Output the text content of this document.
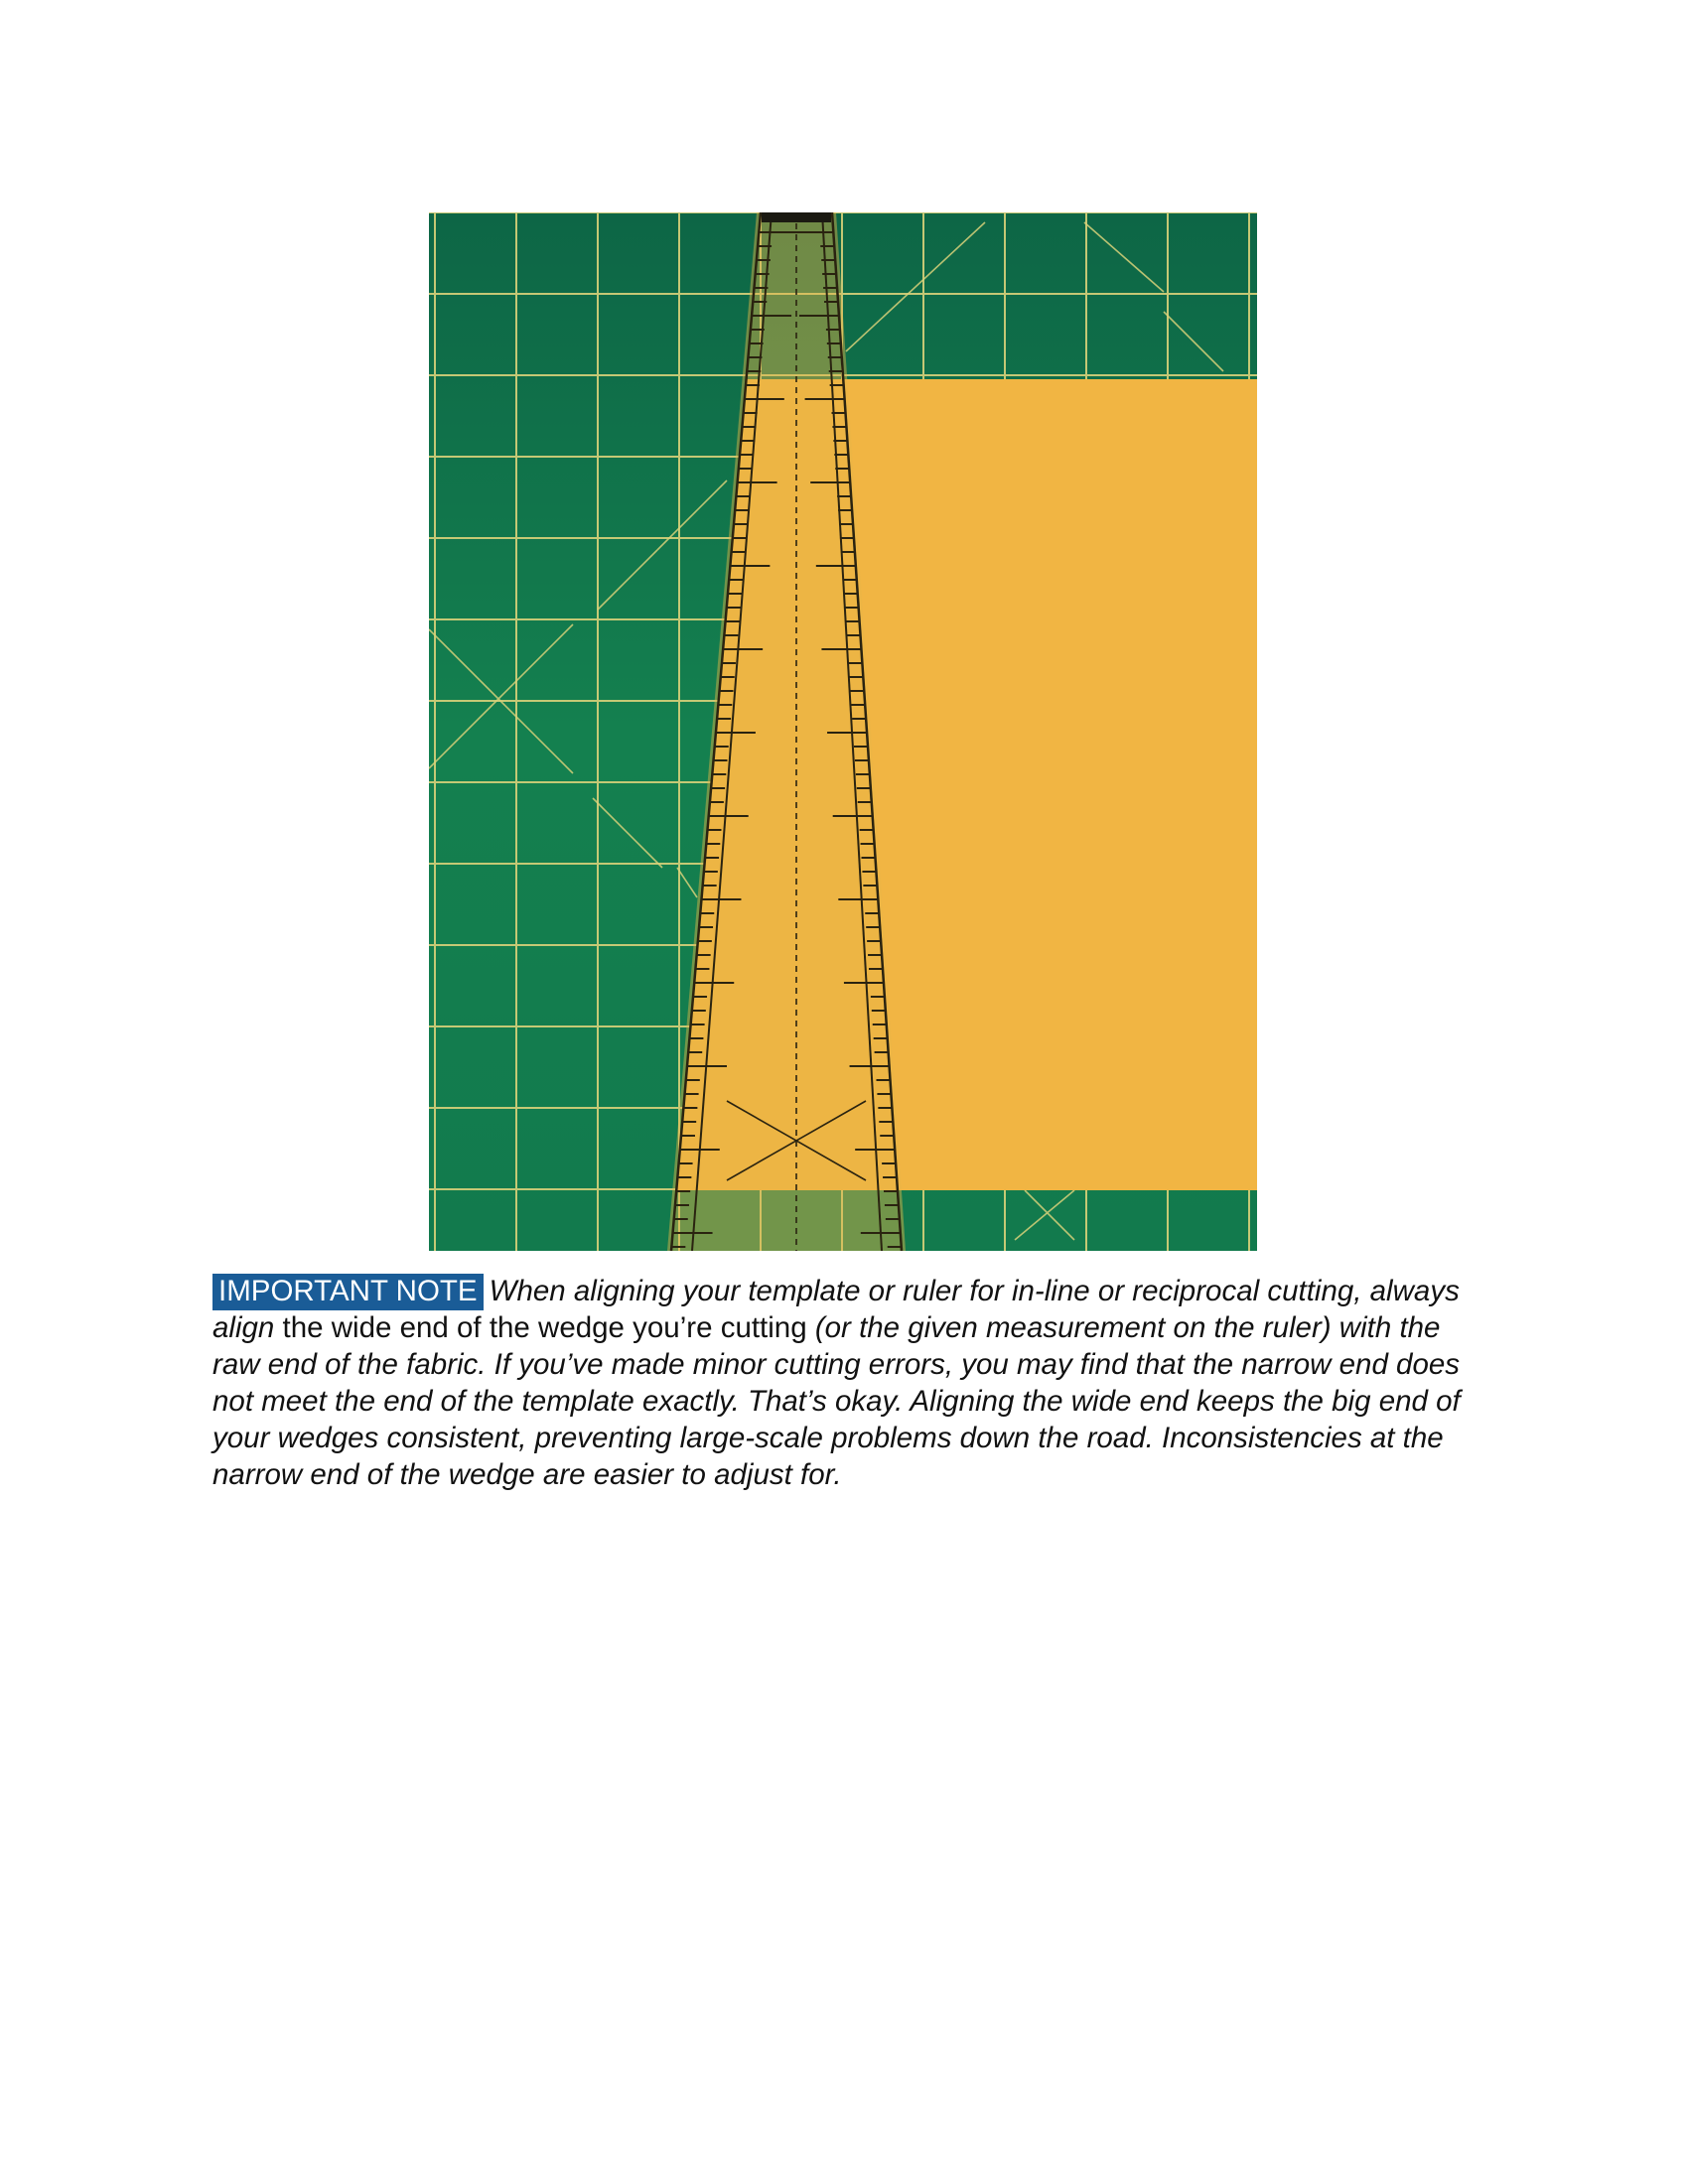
IMPORTANT NOTE When aligning your template or ruler for in-line or reciprocal cutting, always align the wide end of the wedge you’re cutting (or the given measurement on the ruler) with the raw end of the fabric. If you’ve made minor cutting errors, you may find that the narrow end does not meet the end of the template exactly. That’s okay. Aligning the wide end keeps the big end of your wedges consistent, preventing large-scale problems down the road. Inconsistencies at the narrow end of the wedge are easier to adjust for.
